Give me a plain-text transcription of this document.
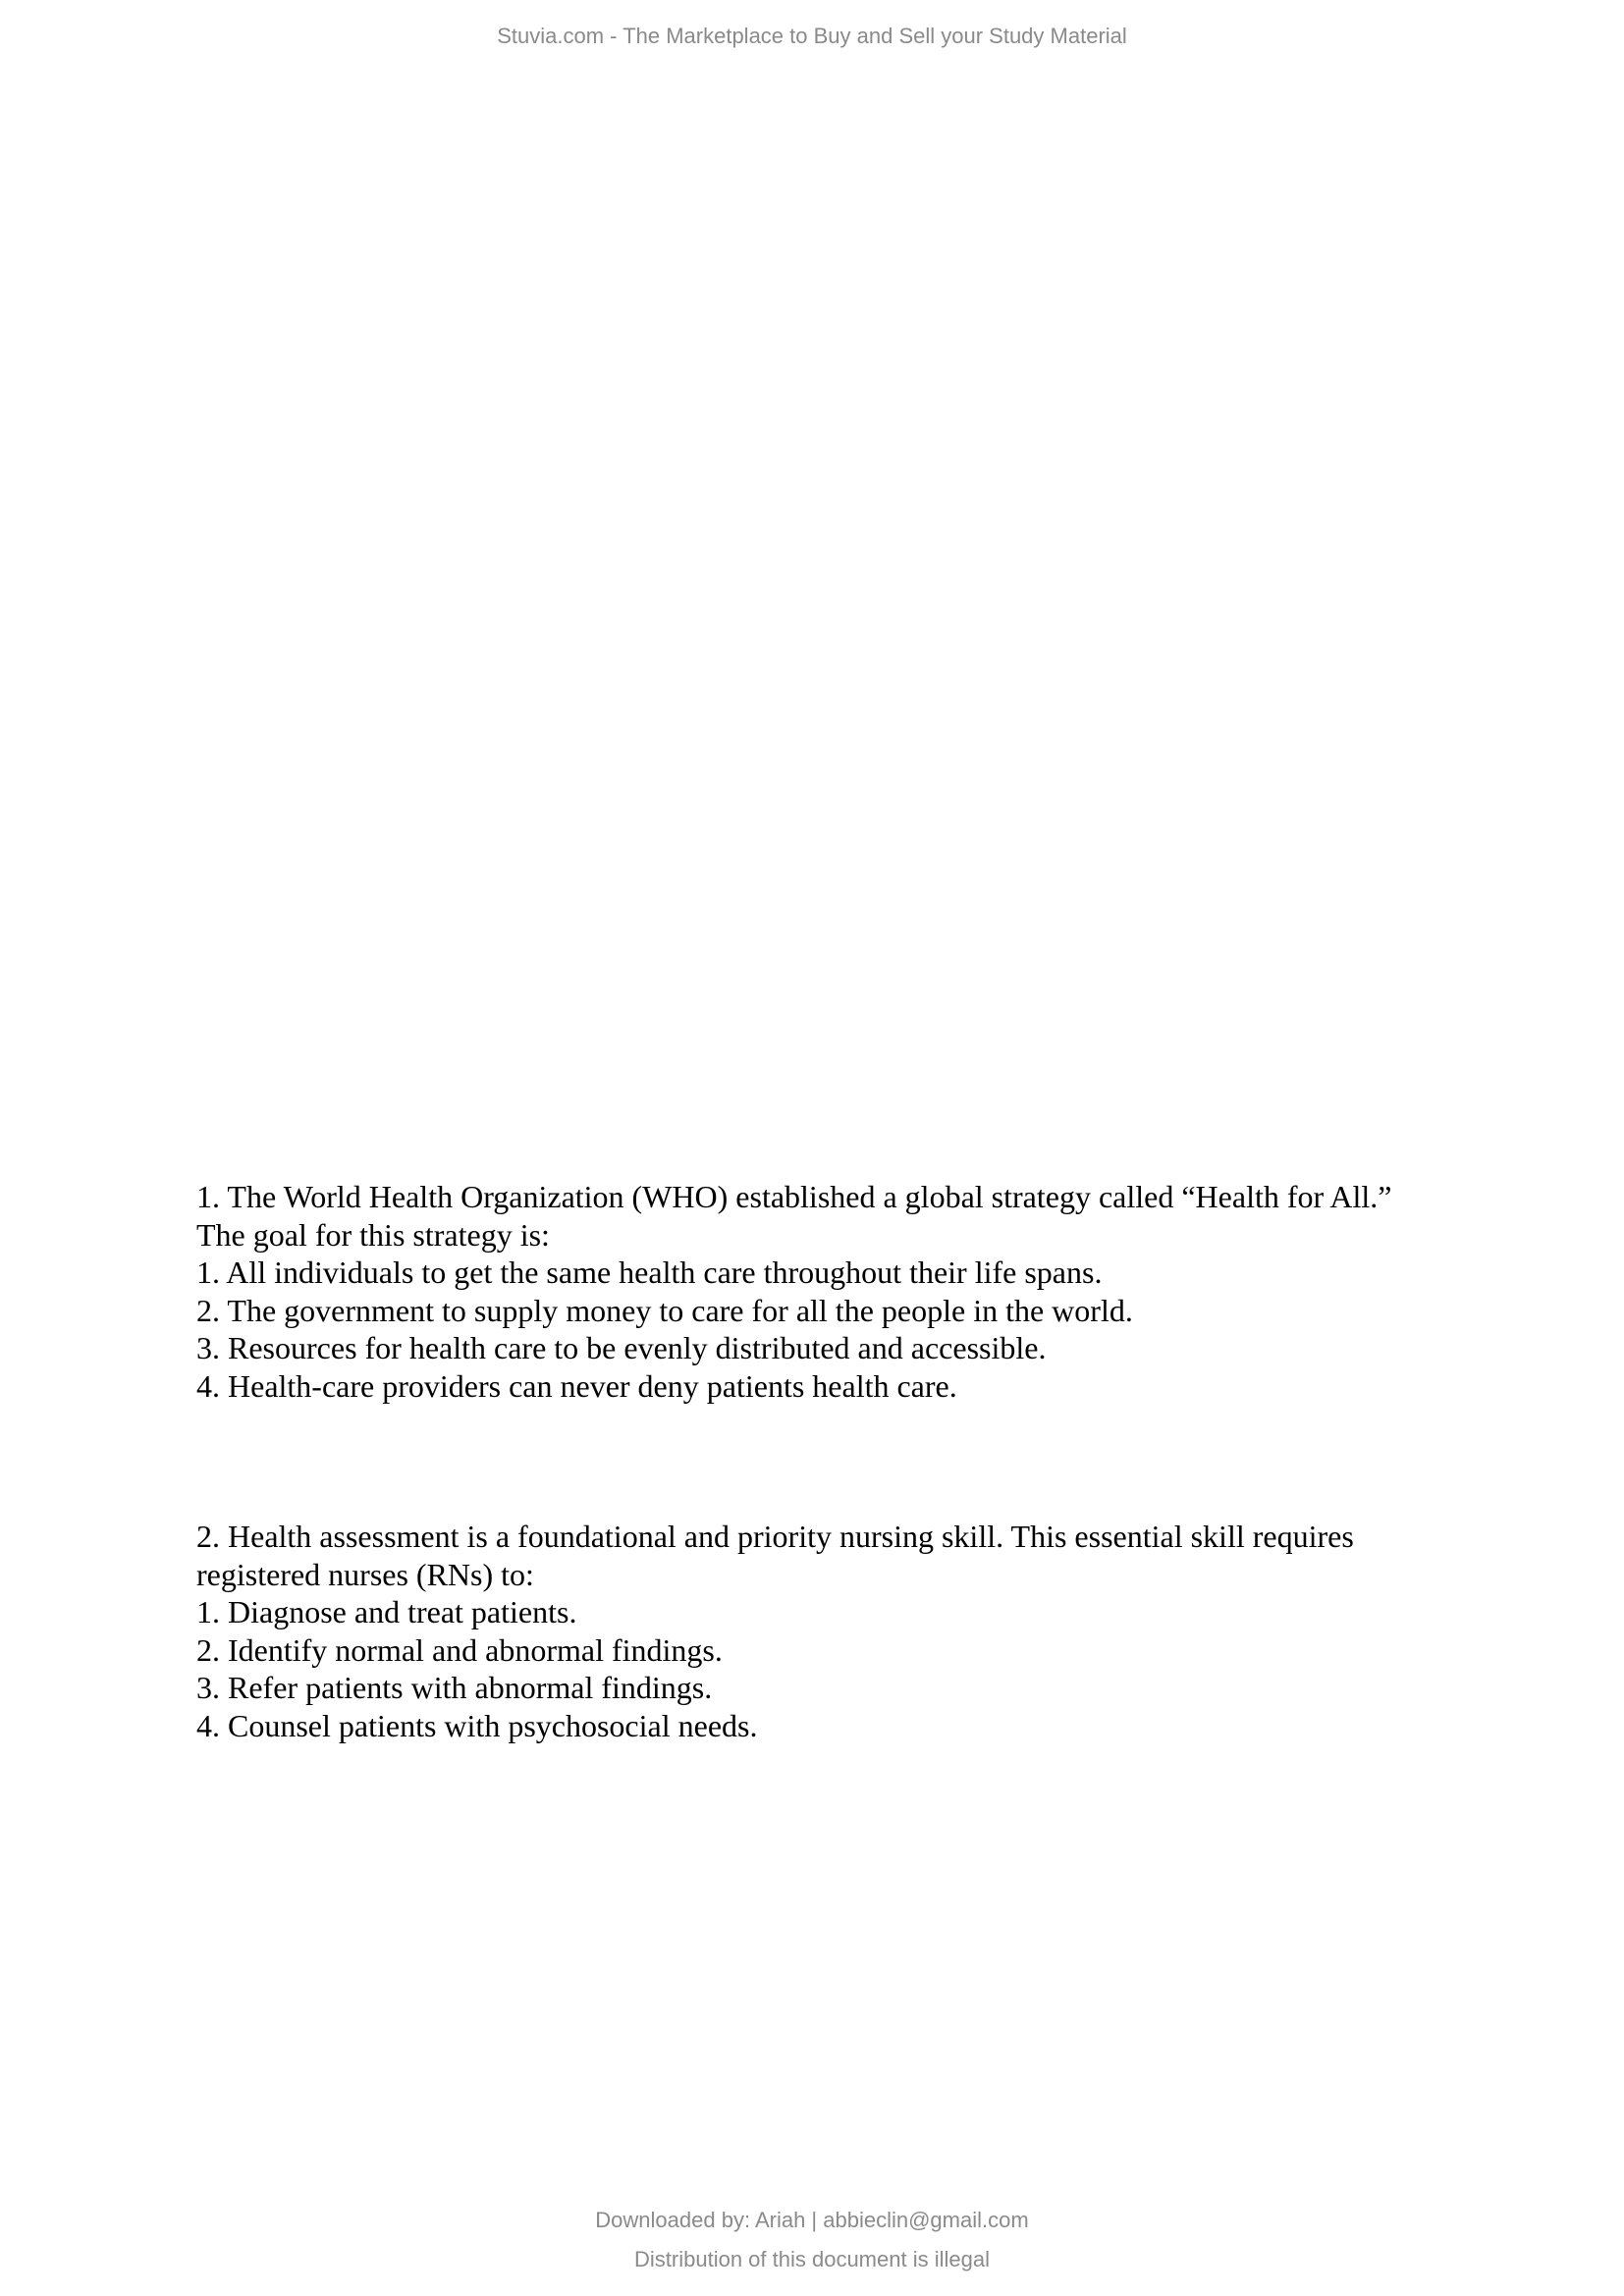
Stuvia.com - The Marketplace to Buy and Sell your Study Material
1. The World Health Organization (WHO) established a global strategy called “Health for All.”
The goal for this strategy is:
1. All individuals to get the same health care throughout their life spans.
2. The government to supply money to care for all the people in the world.
3. Resources for health care to be evenly distributed and accessible.
4. Health-care providers can never deny patients health care.
2. Health assessment is a foundational and priority nursing skill. This essential skill requires
registered nurses (RNs) to:
1. Diagnose and treat patients.
2. Identify normal and abnormal findings.
3. Refer patients with abnormal findings.
4. Counsel patients with psychosocial needs.
Downloaded by: Ariah | abbieclin@gmail.com
Distribution of this document is illegal
